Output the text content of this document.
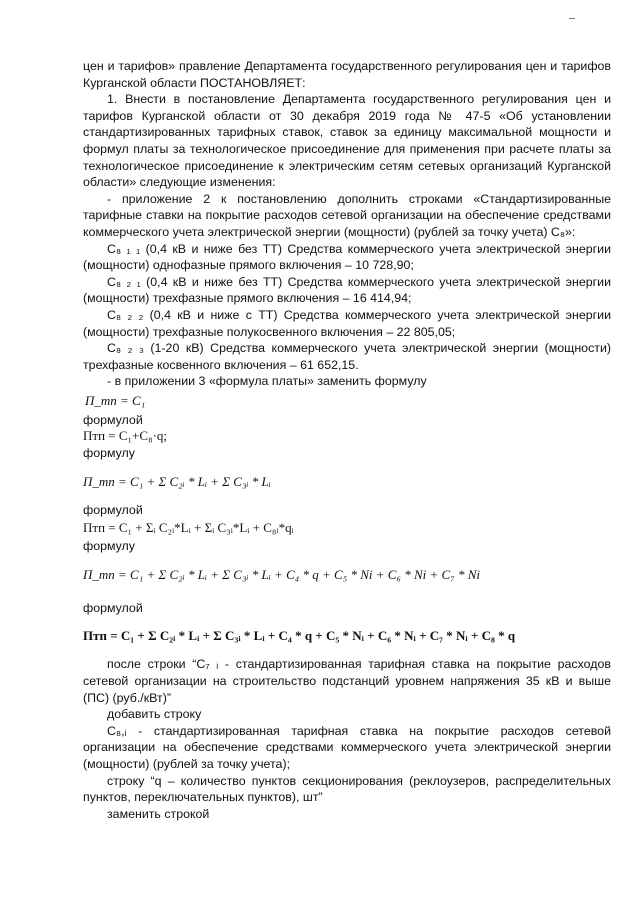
цен и тарифов» правление Департамента государственного регулирования цен и тарифов Курганской области ПОСТАНОВЛЯЕТ:

1. Внести в постановление Департамента государственного регулирования цен и тарифов Курганской области от 30 декабря 2019 года № 47-5 «Об установлении стандартизированных тарифных ставок, ставок за единицу максимальной мощности и формул платы за технологическое присоединение для применения при расчете платы за технологическое присоединение к электрическим сетям сетевых организаций Курганской области» следующие изменения:

- приложение 2 к постановлению дополнить строками «Стандартизированные тарифные ставки на покрытие расходов сетевой организации на обеспечение средствами коммерческого учета электрической энергии (мощности) (рублей за точку учета) C₈»:

C₈ ₁ ₁ (0,4 кВ и ниже без ТТ) Средства коммерческого учета электрической энергии (мощности) однофазные прямого включения – 10 728,90;

C₈ ₂ ₁ (0,4 кВ и ниже без ТТ) Средства коммерческого учета электрической энергии (мощности) трехфазные прямого включения – 16 414,94;

C₈ ₂ ₂ (0,4 кВ и ниже с ТТ) Средства коммерческого учета электрической энергии (мощности) трехфазные полукосвенного включения – 22 805,05;

C₈ ₂ ₃ (1-20 кВ) Средства коммерческого учета электрической энергии (мощности) трехфазные косвенного включения – 61 652,15.

- в приложении 3 «формула платы» заменить формулу

П_тп = C₁

формулой

Птп = C₁+C₈·q;

формулу

П_тп = C₁ + Σ C₂ᵢ * Lᵢ + Σ C₃ᵢ * Lᵢ

формулой

Птп = C₁ + Σᵢ C₂ᵢ*Lᵢ + Σᵢ C₃ᵢ*Lᵢ + C₈ᵢ*qᵢ

формулу

П_тп = C₁ + Σ C₂ᵢ * Lᵢ + Σ C₃ᵢ * Lᵢ + C₄ * q + C₅ * Ni + C₆ * Ni + C₇ * Ni

формулой

Птп = C₁ + Σ C₂ᵢ * Lᵢ + Σ C₃ᵢ * Lᵢ + C₄ * q + C₅ * Nᵢ + C₆ * Nᵢ + C₇ * Nᵢ + C₈ * q

после строки “C₇ ᵢ - стандартизированная тарифная ставка на покрытие расходов сетевой организации на строительство подстанций уровнем напряжения 35 кВ и выше (ПС) (руб./кВт)”

добавить строку

C₈,ᵢ - стандартизированная тарифная ставка на покрытие расходов сетевой организации на обеспечение средствами коммерческого учета электрической энергии (мощности) (рублей за точку учета);

строку “q – количество пунктов секционирования (реклоузеров, распределительных пунктов, переключательных пунктов), шт”

заменить строкой
